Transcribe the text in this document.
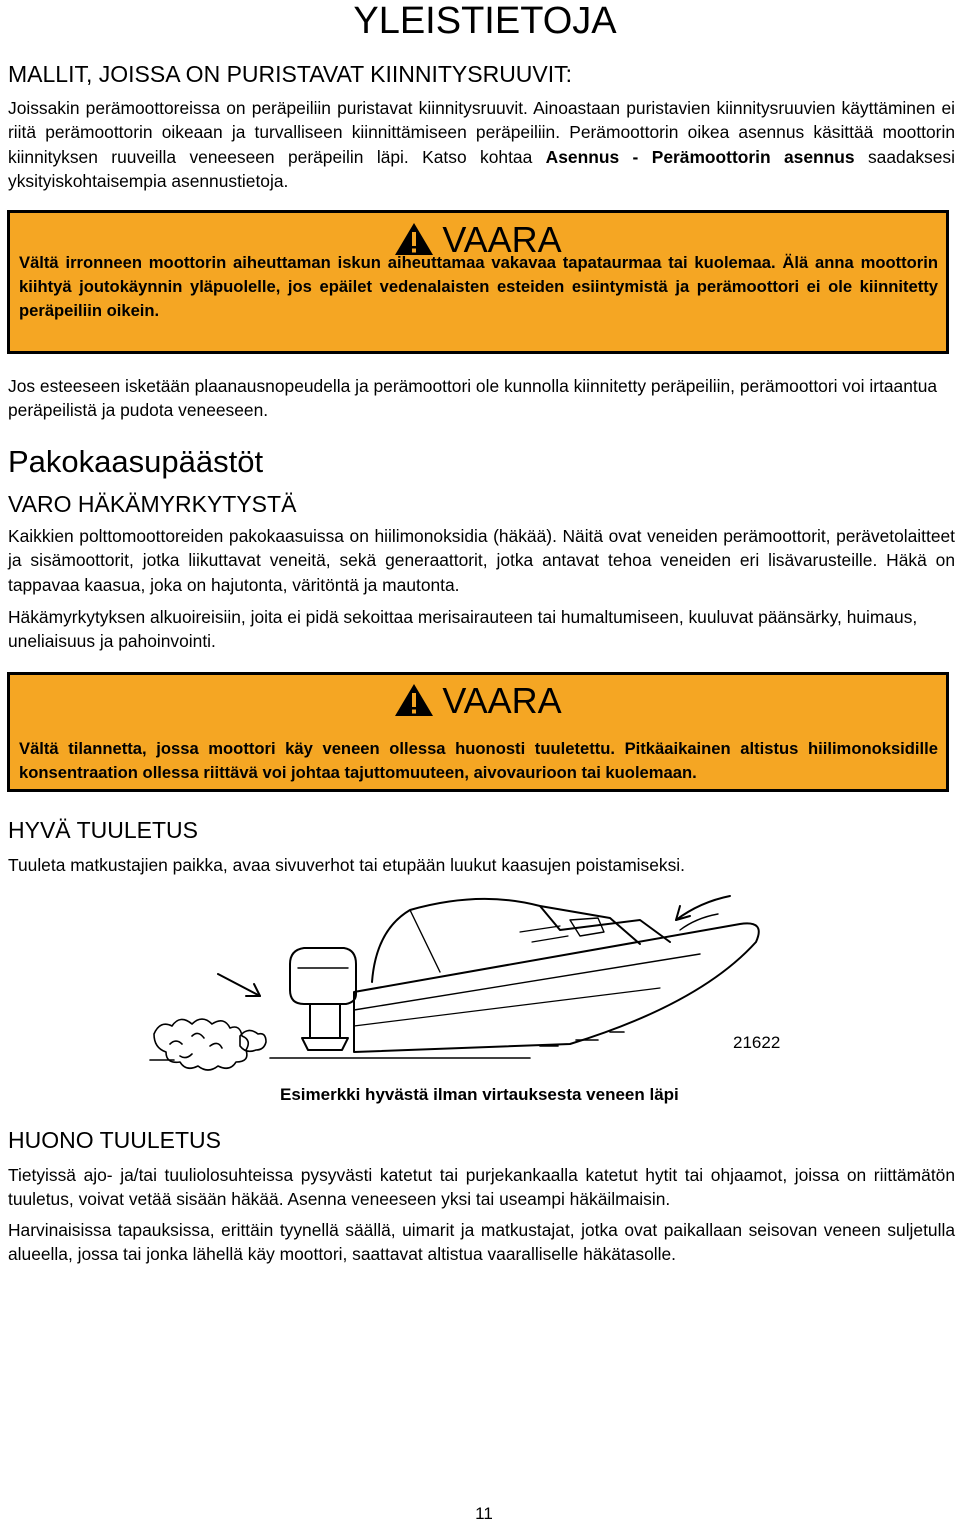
YLEISTIETOJA
MALLIT, JOISSA ON PURISTAVAT KIINNITYSRUUVIT:

Joissakin perämoottoreissa on peräpeiliin puristavat kiinnitysruuvit. Ainoastaan puristavien kiinnitysruuvien käyttäminen ei riitä perämoottorin oikeaan ja turvalliseen kiinnittämiseen peräpeiliin. Perämoottorin oikea asennus käsittää moottorin kiinnityksen ruuveilla veneeseen peräpeilin läpi. Katso kohtaa Asennus - Perämoottorin asennus saadaksesi yksityiskohtaisempia asennustietoja.

VAARA

Vältä irronneen moottorin aiheuttaman iskun aiheuttamaa vakavaa tapataurmaa tai kuolemaa. Älä anna moottorin kiihtyä joutokäynnin yläpuolelle, jos epäilet vedenalaisten esteiden esiintymistä ja perämoottori ei ole kiinnitetty peräpeiliin oikein.

Jos esteeseen isketään plaanausnopeudella ja perämoottori ole kunnolla kiinnitetty peräpeiliin, perämoottori voi irtaantua peräpeilistä ja pudota veneeseen.

Pakokaasupäästöt
VARO HÄKÄMYRKYTYSTÄ

Kaikkien polttomoottoreiden pakokaasuissa on hiilimonoksidia (häkää). Näitä ovat veneiden perämoottorit, perävetolaitteet ja sisämoottorit, jotka liikuttavat veneitä, sekä generaattorit, jotka antavat tehoa veneiden eri lisävarusteille. Häkä on tappavaa kaasua, joka on hajutonta, väritöntä ja mautonta.

Häkämyrkytyksen alkuoireisiin, joita ei pidä sekoittaa merisairauteen tai humaltumiseen, kuuluvat päänsärky, huimaus, uneliaisuus ja pahoinvointi.

VAARA

Vältä tilannetta, jossa moottori käy veneen ollessa huonosti tuuletettu. Pitkäaikainen altistus hiilimonoksidille konsentraation ollessa riittävä voi johtaa tajuttomuuteen, aivovaurioon tai kuolemaan.

HYVÄ TUULETUS

Tuuleta matkustajien paikka, avaa sivuverhot tai etupään luukut kaasujen poistamiseksi.

21622
Esimerkki hyvästä ilman virtauksesta veneen läpi
HUONO TUULETUS

Tietyissä ajo- ja/tai tuuliolosuhteissa pysyvästi katetut tai purjekankaalla katetut hytit tai ohjaamot, joissa on riittämätön tuuletus, voivat vetää sisään häkää. Asenna veneeseen yksi tai useampi häkäilmaisin.

Harvinaisissa tapauksissa, erittäin tyynellä säällä, uimarit ja matkustajat, jotka ovat paikallaan seisovan veneen suljetulla alueella, jossa tai jonka lähellä käy moottori, saattavat altistua vaaralliselle häkätasolle.

11
